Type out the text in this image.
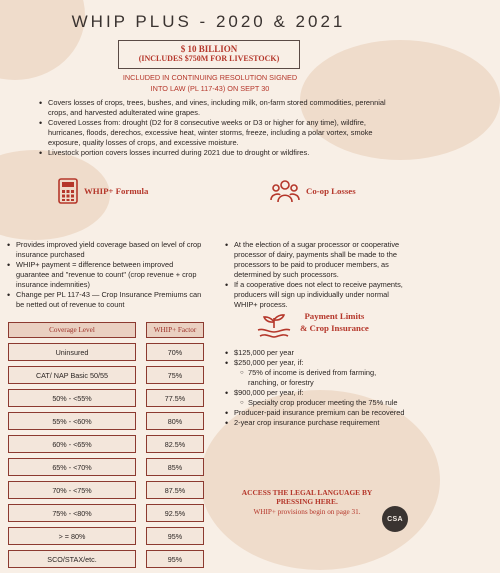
WHIP PLUS - 2020 & 2021
$ 10 BILLION
(INCLUDES $750M FOR LIVESTOCK)
INCLUDED IN CONTINUING RESOLUTION SIGNED
INTO LAW (PL 117-43) ON SEPT 30
• Covers losses of crops, trees, bushes, and vines, including milk, on-farm stored commodities, perennial crops, and harvested adulterated wine grapes.
• Covered Losses from: drought (D2 for 8 consecutive weeks or D3 or higher for any time), wildfire, hurricanes, floods, derechos, excessive heat, winter storms, freeze, including a polar vortex, smoke exposure, quality losses of crops, and excessive moisture.
• Livestock portion covers losses incurred during 2021 due to drought or wildfires.
WHIP+ Formula	Co-op Losses
• Provides improved yield coverage based on level of crop insurance purchased
• WHIP+ payment = difference between improved guarantee and "revenue to count" (crop revenue + crop insurance indemnities)
• Change per PL 117-43 — Crop Insurance Premiums can be netted out of revenue to count
• At the election of a sugar processor or cooperative processor of dairy, payments shall be made to the processors to be paid to producer members, as determined by such processors.
• If a cooperative does not elect to receive payments, producers will sign up individually under normal WHIP+ process.
Coverage Level	WHIP+ Factor
Uninsured	70%
CAT/ NAP Basic 50/55	75%
50% - <55%	77.5%
55% - <60%	80%
60% - <65%	82.5%
65% - <70%	85%
70% - <75%	87.5%
75% - <80%	92.5%
> = 80%	95%
SCO/STAX/etc.	95%
Payment Limits
& Crop Insurance
• $125,000 per year
• $250,000 per year, if:
○ 75% of income is derived from farming, ranching, or forestry
• $900,000 per year, if:
○ Specialty crop producer meeting the 75% rule
• Producer-paid insurance premium can be recovered
• 2-year crop insurance purchase requirement
ACCESS THE LEGAL LANGUAGE BY
PRESSING HERE.
WHIP+ provisions begin on page 31.
CSA
